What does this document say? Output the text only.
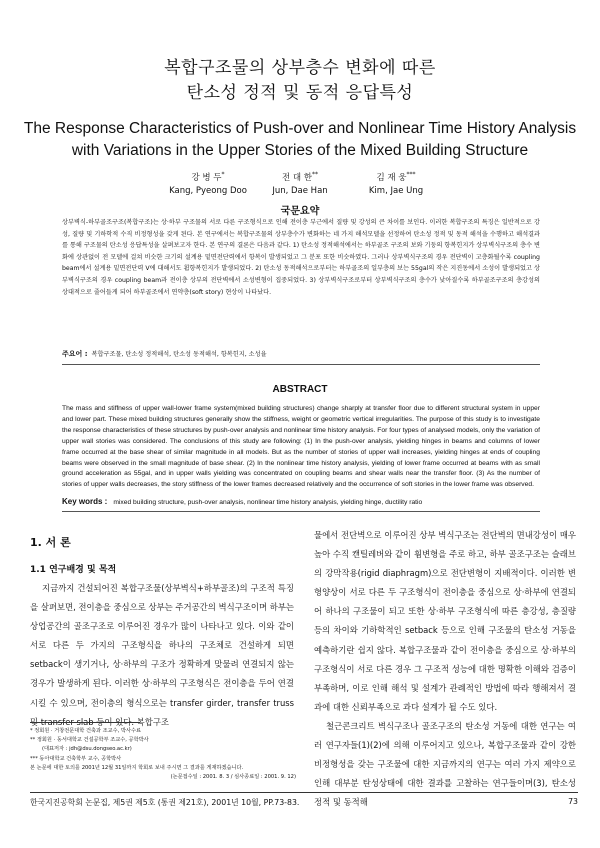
복합구조물의 상부층수 변화에 따른
탄소성 정적 및 동적 응답특성
The Response Characteristics of Push-over and Nonlinear Time History Analysis
with Variations in the Upper Stories of the Mixed Building Structure
강 병 두*
Kang, Pyeong Doo
전 대 한**
Jun, Dae Han
김 재 웅***
Kim, Jae Ung
국문요약
상부벽식-하부골조구조(복합구조)는 상·하부 구조물의 서로 다른 구조형식으로 인해 전이층 부근에서 질량 및 강성의 큰 차이를 보인다. 이러한 복합구조의 특징은 일반적으로 강성, 질량 및 기하학적 수직 비정형성을 갖게 된다. 본 연구에서는 복합구조물의 상부층수가 변화하는 네 가지 해석모델을 선정하여 탄소성 정적 및 동적 해석을 수행하고 해석결과를 통해 구조물의 탄소성 응답특성을 살펴보고자 한다. 본 연구의 결론은 다음과 같다. 1) 탄소성 정적해석에서는 하부골조 구조의 보와 기둥의 항복힌지가 상부벽식구조의 층수 변화에 상관없이 전 모델에 걸쳐 비슷한 크기의 설계용 밑면전단력에서 항복이 발생되었고 그 분포 또한 비슷하였다. 그러나 상부벽식구조의 경우 전단벽이 고층화될수록 coupling beam에서 설계용 밑면전단력 V에 대해서도 휨항복힌지가 발생되었다. 2) 탄소성 동적해석으로부터는 하부골조의 일부층의 보는 55gal의 작은 지진동에서 소성이 발생되었고 상부벽식구조의 경우 coupling beam과 전이층 상부의 전단벽에서 소성변형이 집중되었다. 3) 상부벽식구조로부터 상부벽식구조의 층수가 낮아질수록 하부골조구조의 층강성의 상대적으로 줄어들게 되어 하부골조에서 연약층(soft story) 현상이 나타났다.
주요어 : 복합구조물, 탄소성 정적해석, 탄소성 동적해석, 항복힌지, 소성율
ABSTRACT
The mass and stiffness of upper wall-lower frame system(mixed building structures) change sharply at transfer floor due to different structural system in upper and lower part. These mixed building structures generally show the stiffness, weight or geometric vertical irregularities. The purpose of this study is to investigate the response characteristics of these structures by push-over analysis and nonlinear time history analysis. For four types of analysed models, only the variation of upper wall stories was considered. The conclusions of this study are following: (1) In the push-over analysis, yielding hinges in beams and columns of lower frame occurred at the base shear of similar magnitude in all models. But as the number of stories of upper wall increases, yielding hinges at ends of coupling beams were observed in the small magnitude of base shear. (2) In the nonlinear time history analysis, yielding of lower frame occurred at beams with as small ground acceleration as 55gal, and in upper walls yielding was concentrated on coupling beams and shear walls near the transfer floor. (3) As the number of stories of upper walls decreases, the story stiffness of the lower frames decreased relatively and the occurrence of soft stories in the lower frame was observed.
Key words : mixed building structure, push-over analysis, nonlinear time history analysis, yielding hinge, ductility ratio
1. 서 론
1.1 연구배경 및 목적
지금까지 건설되어진 복합구조물(상부벽식+하부골조)의 구조적 특징을 살펴보면, 전이층을 중심으로 상부는 주거공간의 벽식구조이며 하부는 상업공간의 골조구조로 이루어진 경우가 많이 나타나고 있다. 이와 같이 서로 다른 두 가지의 구조형식을 하나의 구조체로 건설하게 되면 setback이 생기거나, 상·하부의 구조가 정확하게 맞물려 연결되지 않는 경우가 발생하게 된다. 이러한 상·하부의 구조형식은 전이층을 두어 연결시킬 수 있으며, 전이층의 형식으로는 transfer girder, transfer truss 및 transfer slab 등이 있다. 복합구조
물에서 전단벽으로 이루어진 상부 벽식구조는 전단벽의 면내강성이 매우 높아 수직 캔틸레버와 같이 휨변형을 주로 하고, 하부 골조구조는 슬래브의 강막작용(rigid diaphragm)으로 전단변형이 지배적이다. 이러한 변형양상이 서로 다른 두 구조형식이 전이층을 중심으로 상·하부에 연결되어 하나의 구조물이 되고 또한 상·하부 구조형식에 따른 층강성, 층질량 등의 차이와 기하학적인 setback 등으로 인해 구조물의 탄소성 거동을 예측하기란 쉽지 않다. 복합구조물과 같이 전이층을 중심으로 상·하부의 구조형식이 서로 다른 경우 그 구조적 성능에 대한 명확한 이해와 검증이 부족하며, 이로 인해 해석 및 설계가 관례적인 방법에 따라 행해져서 결과에 대한 신뢰부족으로 과다 설계가 될 수도 있다.
철근콘크리트 벽식구조나 골조구조의 탄소성 거동에 대한 연구는 여러 연구자들(1)(2)에 의해 이루어지고 있으나, 복합구조물과 같이 강한 비정형성을 갖는 구조물에 대한 지금까지의 연구는 여러 가지 제약으로 인해 대부분 탄성상태에 대한 결과를 고찰하는 연구들이며(3), 탄소성 정적 및 동적해
* 정회원 · 거창전문대학 건축과 조교수, 박사수료
** 정회원 · 동서대학교 건설공학부 조교수, 공학박사
(대표저자 : jdh@dsu.dongseo.ac.kr)
*** 동아대학교 건축학부 교수, 공학박사
본 논문에 대한 토의를 2001년 12월 31일까지 학회로 보내 주시면 그 결과를 게재하겠습니다.
(논문접수일 : 2001. 8. 3 / 심사종료일 : 2001. 9. 12)
한국지진공학회 논문집, 제5권 제5호 (통권 제21호), 2001년 10월, PP.73-83.	73
